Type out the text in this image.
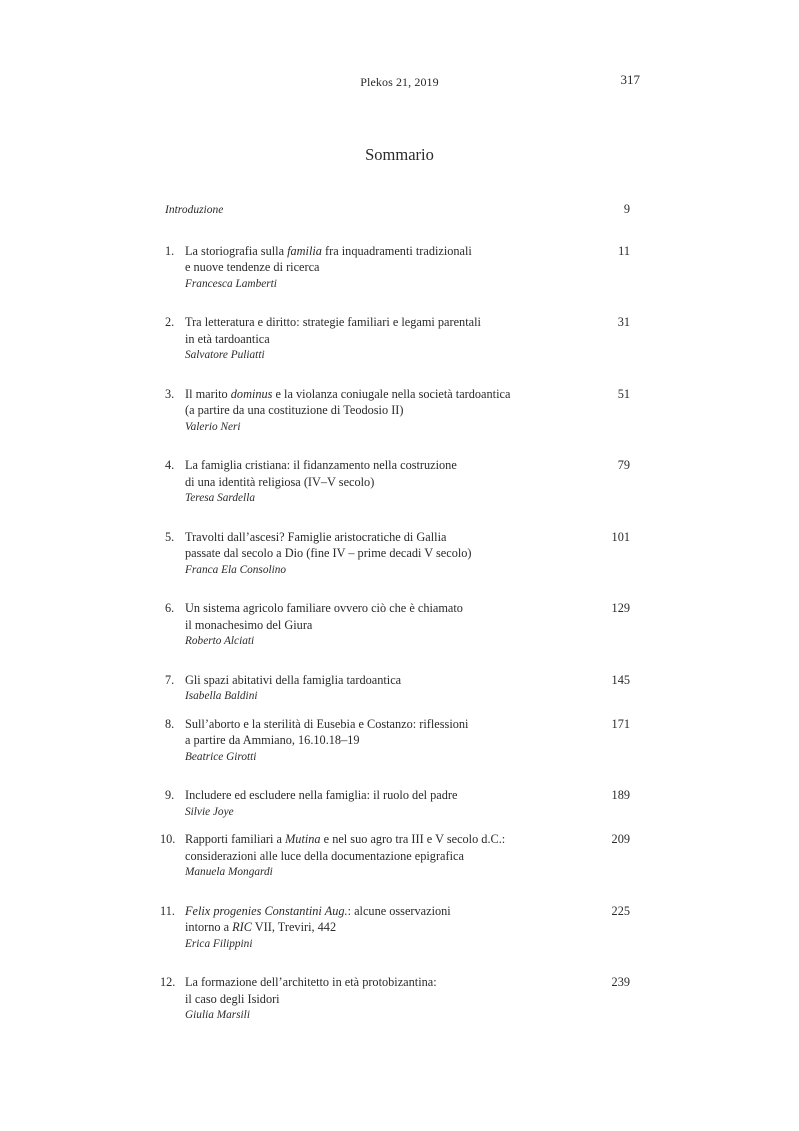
Plekos 21, 2019	317
Sommario
Introduzione	9
1. La storiografia sulla familia fra inquadramenti tradizionali
e nuove tendenze di ricerca
Francesca Lamberti
11
2. Tra letteratura e diritto: strategie familiari e legami parentali
in età tardoantica
Salvatore Puliatti
31
3. Il marito dominus e la violanza coniugale nella società tardoantica
(a partire da una costituzione di Teodosio II)
Valerio Neri
51
4. La famiglia cristiana: il fidanzamento nella costruzione
di una identità religiosa (IV–V secolo)
Teresa Sardella
79
5. Travolti dall’ascesi? Famiglie aristocratiche di Gallia
passate dal secolo a Dio (fine IV – prime decadi V secolo)
Franca Ela Consolino
101
6. Un sistema agricolo familiare ovvero ciò che è chiamato
il monachesimo del Giura
Roberto Alciati
129
7. Gli spazi abitativi della famiglia tardoantica
Isabella Baldini
145
8. Sull’aborto e la sterilità di Eusebia e Costanzo: riflessioni
a partire da Ammiano, 16.10.18–19
Beatrice Girotti
171
9. Includere ed escludere nella famiglia: il ruolo del padre
Silvie Joye
189
10. Rapporti familiari a Mutina e nel suo agro tra III e V secolo d.C.:
considerazioni alle luce della documentazione epigrafica
Manuela Mongardi
209
11. Felix progenies Constantini Aug.: alcune osservazioni
intorno a RIC VII, Treviri, 442
Erica Filippini
225
12. La formazione dell’architetto in età protobizantina:
il caso degli Isidori
Giulia Marsili
239
